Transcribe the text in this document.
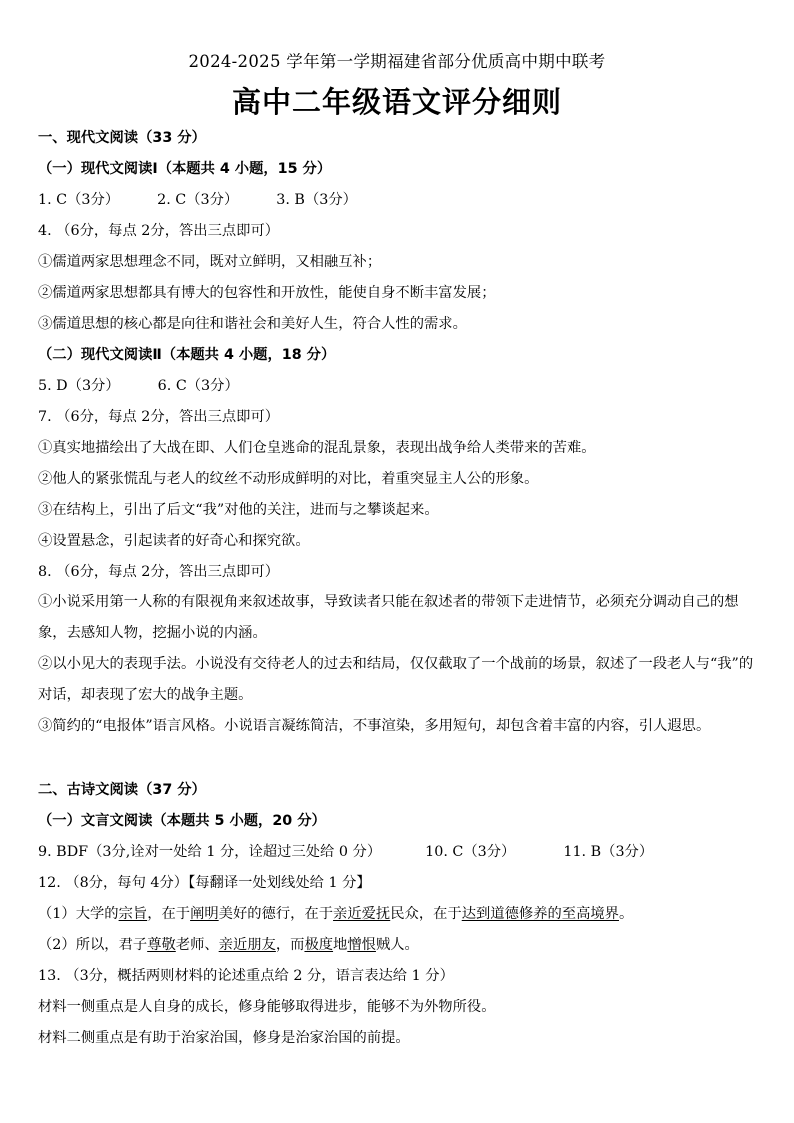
2024-2025 学年第一学期福建省部分优质高中期中联考
高中二年级语文评分细则
一、现代文阅读（33 分）
（一）现代文阅读Ⅰ（本题共 4 小题，15 分）
1. C（3分）	2. C（3分）	3. B（3分）
4. （6分，每点 2分，答出三点即可）
①儒道两家思想理念不同，既对立鲜明，又相融互补；
②儒道两家思想都具有博大的包容性和开放性，能使自身不断丰富发展；
③儒道思想的核心都是向往和谐社会和美好人生，符合人性的需求。
（二）现代文阅读Ⅱ（本题共 4 小题，18 分）
5. D（3分）	6. C（3分）
7. （6分，每点 2分，答出三点即可）
①真实地描绘出了大战在即、人们仓皇逃命的混乱景象，表现出战争给人类带来的苦难。
②他人的紧张慌乱与老人的纹丝不动形成鲜明的对比，着重突显主人公的形象。
③在结构上，引出了后文“我”对他的关注，进而与之攀谈起来。
④设置悬念，引起读者的好奇心和探究欲。
8. （6分，每点 2分，答出三点即可）
①小说采用第一人称的有限视角来叙述故事，导致读者只能在叙述者的带领下走进情节，必须充分调动自己的想象，去感知人物，挖掘小说的内涵。
②以小见大的表现手法。小说没有交待老人的过去和结局，仅仅截取了一个战前的场景，叙述了一段老人与“我”的对话，却表现了宏大的战争主题。
③简约的“电报体”语言风格。小说语言凝练简洁，不事渲染，多用短句，却包含着丰富的内容，引人遐思。
二、古诗文阅读（37 分）
（一）文言文阅读（本题共 5 小题，20 分）
9. BDF（3分,诠对一处给 1 分，诠超过三处给 0 分）	10. C（3分）	11. B（3分）
12. （8分，每句 4分）【每翻译一处划线处给 1 分】
（1）大学的宗旨，在于阐明美好的德行，在于亲近爱抚民众，在于达到道德修养的至高境界。
（2）所以，君子尊敬老师、亲近朋友，而极度地憎恨贼人。
13. （3分，概括两则材料的论述重点给 2 分，语言表达给 1 分）
材料一侧重点是人自身的成长，修身能够取得进步，能够不为外物所役。
材料二侧重点是有助于治家治国，修身是治家治国的前提。
